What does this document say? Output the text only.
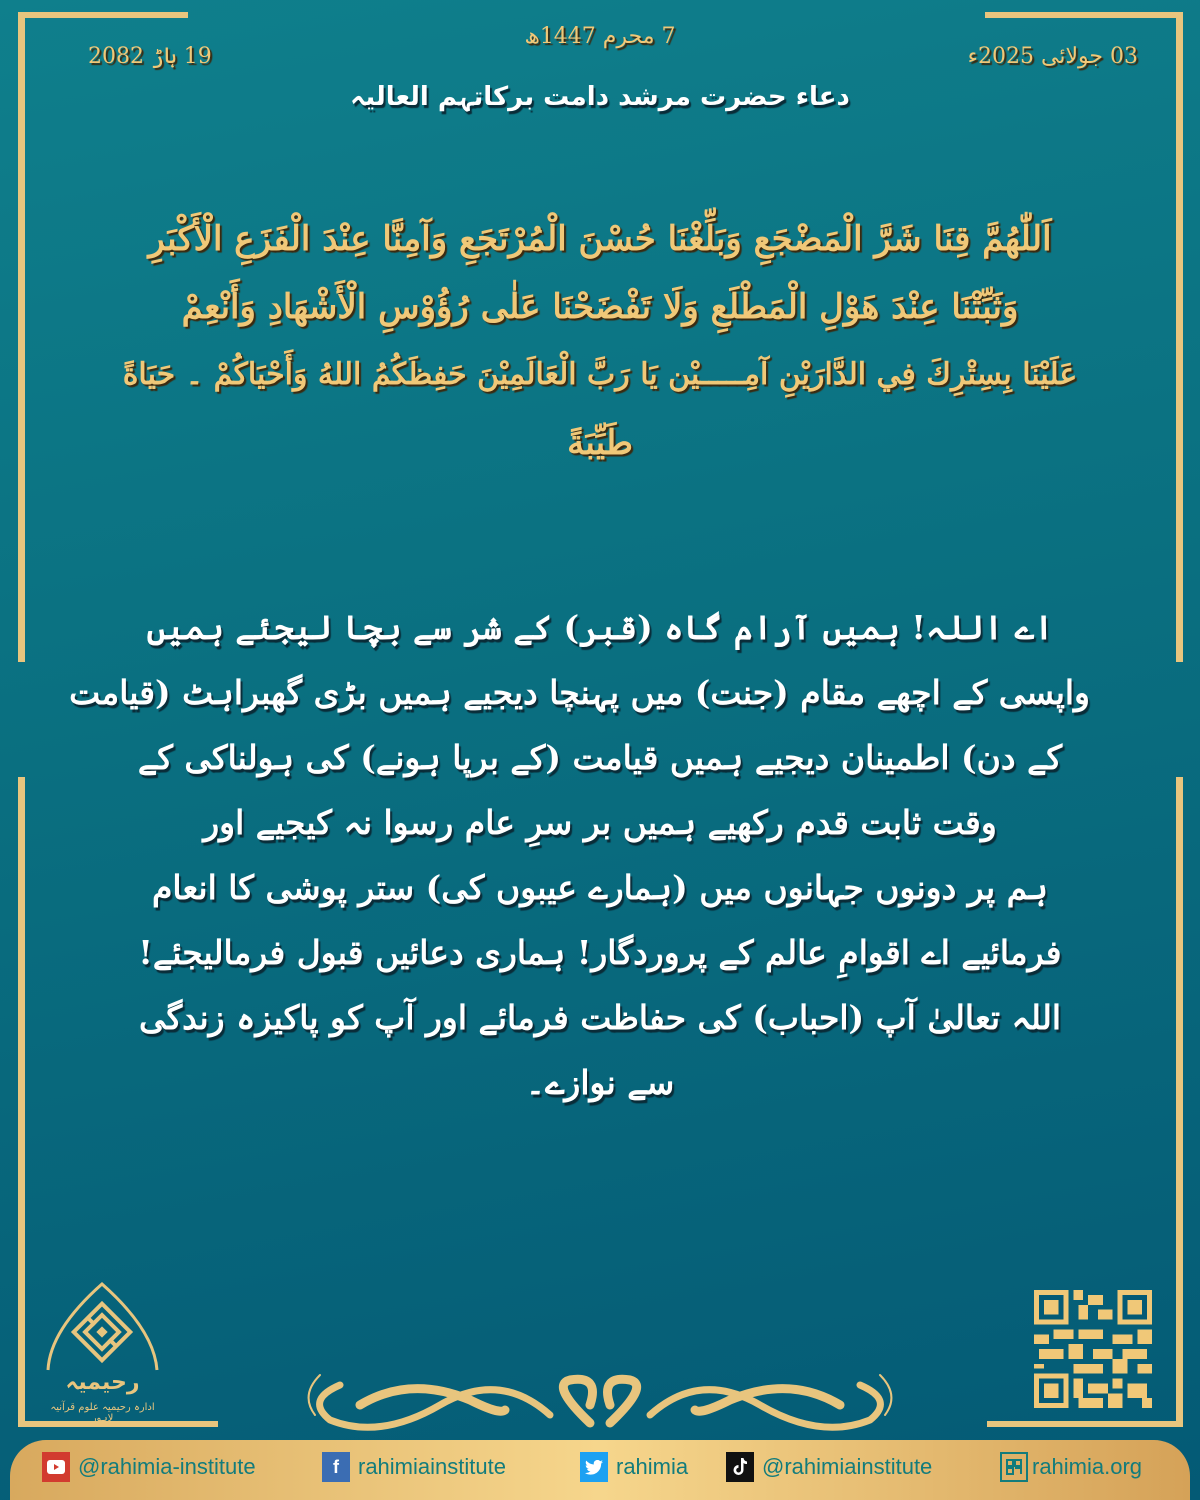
7 محرم 1447ھ
19 ہاڑ 2082	03 جولائی 2025ء
دعاء حضرت مرشد دامت برکاتہم العالیہ
اَللّٰهُمَّ قِنَا شَرَّ الْمَضْجَعِ وَبَلِّغْنَا حُسْنَ الْمُرْتَجَعِ وَآمِنَّا عِنْدَ الْفَزَعِ الْأَكْبَرِ
وَثَبِّتْنَا عِنْدَ هَوْلِ الْمَطْلَعِ وَلَا تَفْضَحْنَا عَلٰى رُؤُوْسِ الْأَشْهَادِ وَأَنْعِمْ
عَلَيْنَا بِسِتْرِكَ فِي الدَّارَيْنِ آمِـــــيْن يَا رَبَّ الْعَالَمِيْنَ حَفِظَكُمُ اللهُ وَأَحْيَاكُمْ ۔ حَيَاةً
طَيِّبَةً
اے اللہ! ہمیں آرام گاہ (قبر) کے شر سے بچا لیجئے ہمیں
واپسی کے اچھے مقام (جنت) میں پہنچا دیجیے ہمیں بڑی گھبراہٹ (قیامت
کے دن) اطمینان دیجیے ہمیں قیامت (کے برپا ہونے) کی ہولناکی کے
وقت ثابت قدم رکھیے ہمیں بر سرِ عام رسوا نہ کیجیے اور
ہم پر دونوں جہانوں میں (ہمارے عیبوں کی) ستر پوشی کا انعام
فرمائیے اے اقوامِ عالم کے پروردگار! ہماری دعائیں قبول فرمالیجئے!
اللہ تعالیٰ آپ (احباب) کی حفاظت فرمائے اور آپ کو پاکیزہ زندگی
سے نوازے۔
رحیمیہ
ادارہ رحیمیہ علوم قرآنیہ لاہور
@rahimia-institute	f rahimiainstitute	rahimia	@rahimiainstitute	rahimia.org
